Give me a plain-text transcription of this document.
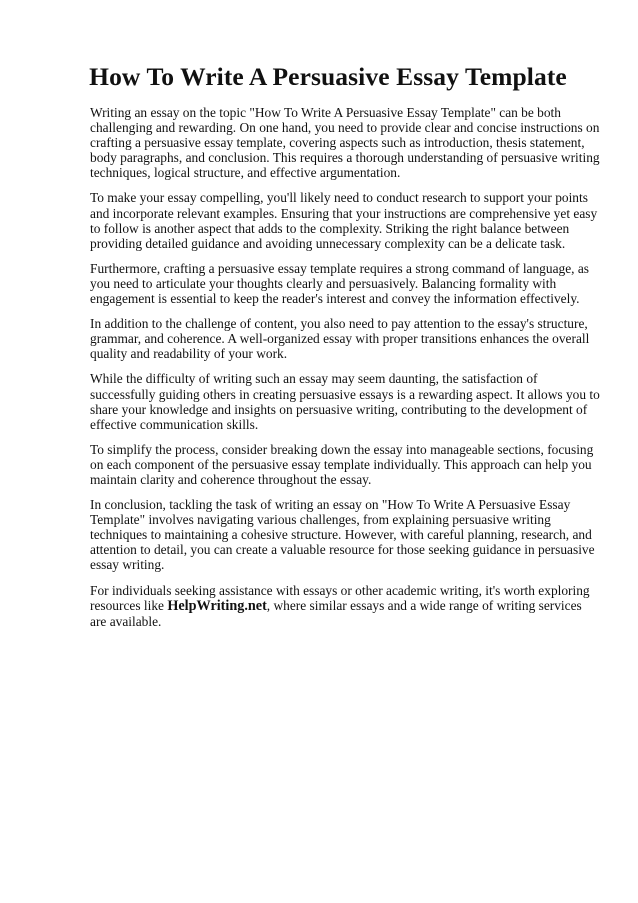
How To Write A Persuasive Essay Template

Writing an essay on the topic "How To Write A Persuasive Essay Template" can be both challenging and rewarding. On one hand, you need to provide clear and concise instructions on crafting a persuasive essay template, covering aspects such as introduction, thesis statement, body paragraphs, and conclusion. This requires a thorough understanding of persuasive writing techniques, logical structure, and effective argumentation.

To make your essay compelling, you'll likely need to conduct research to support your points and incorporate relevant examples. Ensuring that your instructions are comprehensive yet easy to follow is another aspect that adds to the complexity. Striking the right balance between providing detailed guidance and avoiding unnecessary complexity can be a delicate task.

Furthermore, crafting a persuasive essay template requires a strong command of language, as you need to articulate your thoughts clearly and persuasively. Balancing formality with engagement is essential to keep the reader's interest and convey the information effectively.

In addition to the challenge of content, you also need to pay attention to the essay's structure, grammar, and coherence. A well-organized essay with proper transitions enhances the overall quality and readability of your work.

While the difficulty of writing such an essay may seem daunting, the satisfaction of successfully guiding others in creating persuasive essays is a rewarding aspect. It allows you to share your knowledge and insights on persuasive writing, contributing to the development of effective communication skills.

To simplify the process, consider breaking down the essay into manageable sections, focusing on each component of the persuasive essay template individually. This approach can help you maintain clarity and coherence throughout the essay.

In conclusion, tackling the task of writing an essay on "How To Write A Persuasive Essay Template" involves navigating various challenges, from explaining persuasive writing techniques to maintaining a cohesive structure. However, with careful planning, research, and attention to detail, you can create a valuable resource for those seeking guidance in persuasive essay writing.

For individuals seeking assistance with essays or other academic writing, it's worth exploring resources like HelpWriting.net, where similar essays and a wide range of writing services are available.
